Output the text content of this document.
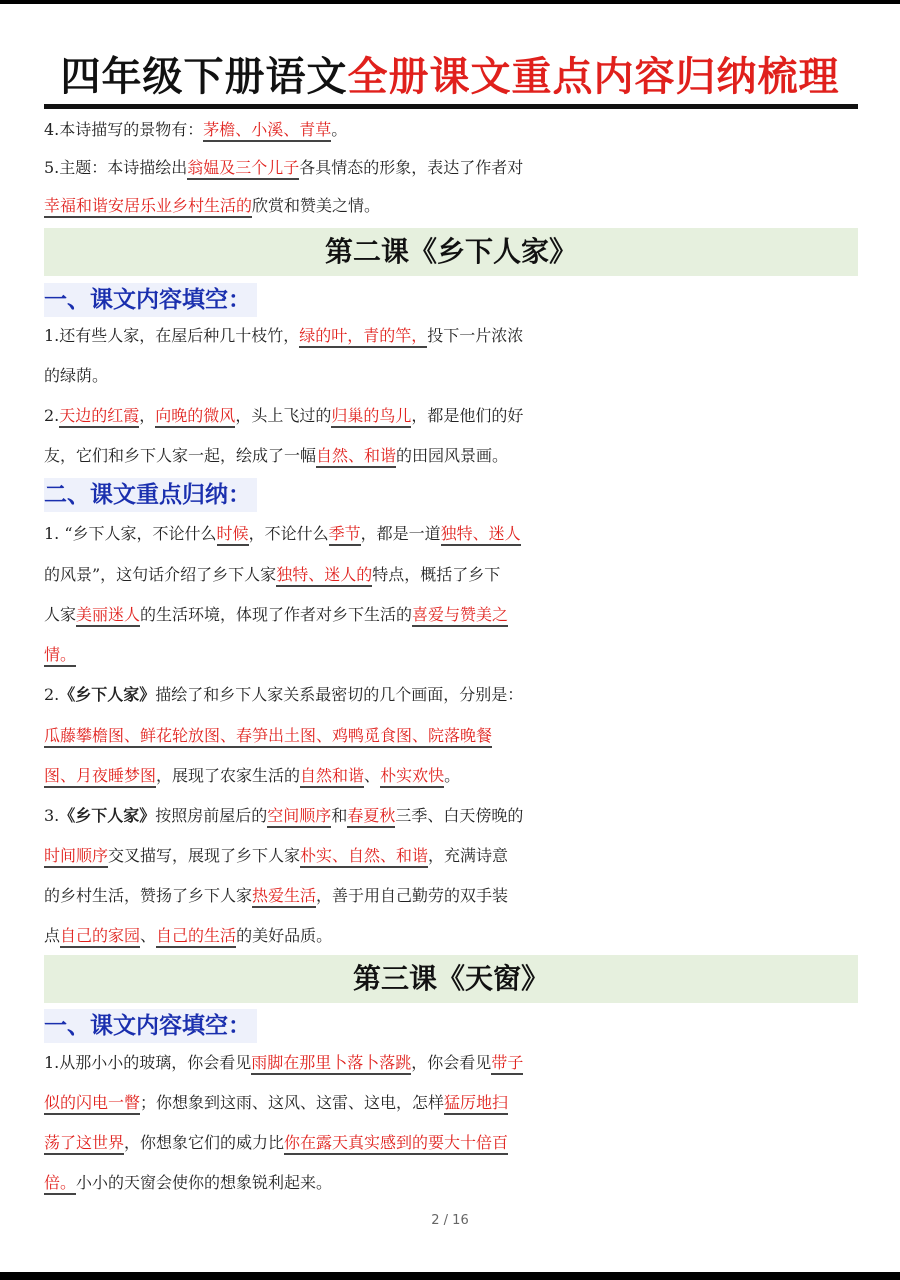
四年级下册语文全册课文重点内容归纳梳理
4.本诗描写的景物有：茅檐、小溪、青草。
5.主题：本诗描绘出翁媪及三个儿子各具情态的形象，表达了作者对
幸福和谐安居乐业乡村生活的欣赏和赞美之情。
第二课《乡下人家》
一、课文内容填空：
1.还有些人家，在屋后种几十枝竹，绿的叶，青的竿，投下一片浓浓
的绿荫。
2.天边的红霞，向晚的微风，头上飞过的归巢的鸟儿，都是他们的好
友，它们和乡下人家一起，绘成了一幅自然、和谐的田园风景画。
二、课文重点归纳：
1. “乡下人家，不论什么时候，不论什么季节，都是一道独特、迷人
的风景”，这句话介绍了乡下人家独特、迷人的特点，概括了乡下
人家美丽迷人的生活环境，体现了作者对乡下生活的喜爱与赞美之
情。
2.《乡下人家》描绘了和乡下人家关系最密切的几个画面，分别是：
瓜藤攀檐图、鲜花轮放图、春笋出土图、鸡鸭觅食图、院落晚餐
图、月夜睡梦图，展现了农家生活的自然和谐、朴实欢快。
3.《乡下人家》按照房前屋后的空间顺序和春夏秋三季、白天傍晚的
时间顺序交叉描写，展现了乡下人家朴实、自然、和谐，充满诗意
的乡村生活，赞扬了乡下人家热爱生活，善于用自己勤劳的双手装
点自己的家园、自己的生活的美好品质。
第三课《天窗》
一、课文内容填空：
1.从那小小的玻璃，你会看见雨脚在那里卜落卜落跳，你会看见带子
似的闪电一瞥；你想象到这雨、这风、这雷、这电，怎样猛厉地扫
荡了这世界，你想象它们的威力比你在露天真实感到的要大十倍百
倍。小小的天窗会使你的想象锐利起来。
2 / 16
